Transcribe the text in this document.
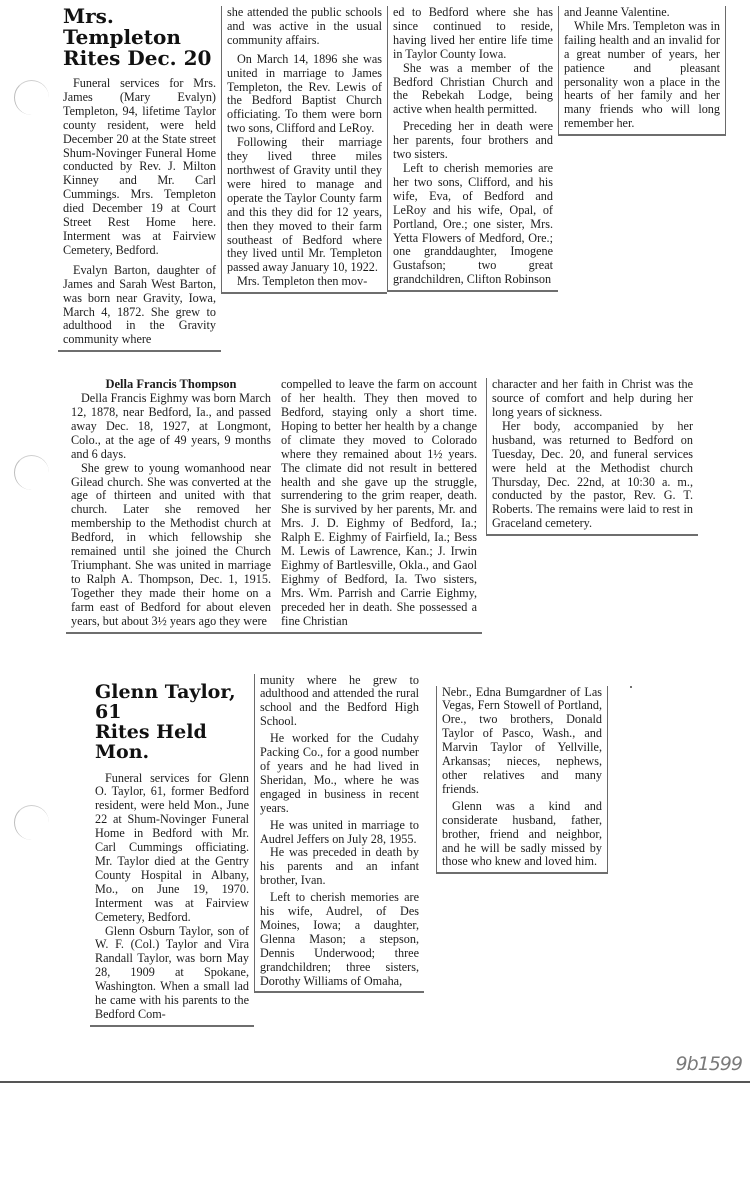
Mrs. Templeton
Rites Dec. 20

Funeral services for Mrs. James (Mary Evalyn) Templeton, 94, lifetime Taylor county resident, were held December 20 at the State street Shum-Novinger Funeral Home conducted by Rev. J. Milton Kinney and Mr. Carl Cummings. Mrs. Templeton died December 19 at Court Street Rest Home here. Interment was at Fairview Cemetery, Bedford.

Evalyn Barton, daughter of James and Sarah West Barton, was born near Gravity, Iowa, March 4, 1872. She grew to adulthood in the Gravity community where

she attended the public schools and was active in the usual community affairs.

On March 14, 1896 she was united in marriage to James Templeton, the Rev. Lewis of the Bedford Baptist Church officiating. To them were born two sons, Clifford and LeRoy.

Following their marriage they lived three miles northwest of Gravity until they were hired to manage and operate the Taylor County farm and this they did for 12 years, then they moved to their farm southeast of Bedford where they lived until Mr. Templeton passed away January 10, 1922.

Mrs. Templeton then mov-

ed to Bedford where she has since continued to reside, having lived her entire life time in Taylor County Iowa.

She was a member of the Bedford Christian Church and the Rebekah Lodge, being active when health permitted.

Preceding her in death were her parents, four brothers and two sisters.

Left to cherish memories are her two sons, Clifford, and his wife, Eva, of Bedford and LeRoy and his wife, Opal, of Portland, Ore.; one sister, Mrs. Yetta Flowers of Medford, Ore.; one granddaughter, Imogene Gustafson; two great grandchildren, Clifton Robinson

and Jeanne Valentine.

While Mrs. Templeton was in failing health and an invalid for a great number of years, her patience and pleasant personality won a place in the hearts of her family and her many friends who will long remember her.

Della Francis Thompson

Della Francis Eighmy was born March 12, 1878, near Bedford, Ia., and passed away Dec. 18, 1927, at Longmont, Colo., at the age of 49 years, 9 months and 6 days.

She grew to young womanhood near Gilead church. She was converted at the age of thirteen and united with that church. Later she removed her membership to the Methodist church at Bedford, in which fellowship she remained until she joined the Church Triumphant. She was united in marriage to Ralph A. Thompson, Dec. 1, 1915. Together they made their home on a farm east of Bedford for about eleven years, but about 3½ years ago they were

compelled to leave the farm on account of her health. They then moved to Bedford, staying only a short time. Hoping to better her health by a change of climate they moved to Colorado where they remained about 1½ years. The climate did not result in bettered health and she gave up the struggle, surrendering to the grim reaper, death. She is survived by her parents, Mr. and Mrs. J. D. Eighmy of Bedford, Ia.; Ralph E. Eighmy of Fairfield, Ia.; Bess M. Lewis of Lawrence, Kan.; J. Irwin Eighmy of Bartlesville, Okla., and Gaol Eighmy of Bedford, Ia. Two sisters, Mrs. Wm. Parrish and Carrie Eighmy, preceded her in death. She possessed a fine Christian

character and her faith in Christ was the source of comfort and help during her long years of sickness.

Her body, accompanied by her husband, was returned to Bedford on Tuesday, Dec. 20, and funeral services were held at the Methodist church Thursday, Dec. 22nd, at 10:30 a. m., conducted by the pastor, Rev. G. T. Roberts. The remains were laid to rest in Graceland cemetery.

Glenn Taylor, 61
Rites Held Mon.

Funeral services for Glenn O. Taylor, 61, former Bedford resident, were held Mon., June 22 at Shum-Novinger Funeral Home in Bedford with Mr. Carl Cummings officiating. Mr. Taylor died at the Gentry County Hospital in Albany, Mo., on June 19, 1970. Interment was at Fairview Cemetery, Bedford.

Glenn Osburn Taylor, son of W. F. (Col.) Taylor and Vira Randall Taylor, was born May 28, 1909 at Spokane, Washington. When a small lad he came with his parents to the Bedford Com-

munity where he grew to adulthood and attended the rural school and the Bedford High School.

He worked for the Cudahy Packing Co., for a good number of years and he had lived in Sheridan, Mo., where he was engaged in business in recent years.

He was united in marriage to Audrel Jeffers on July 28, 1955.

He was preceded in death by his parents and an infant brother, Ivan.

Left to cherish memories are his wife, Audrel, of Des Moines, Iowa; a daughter, Glenna Mason; a stepson, Dennis Underwood; three grandchildren; three sisters, Dorothy Williams of Omaha,

Nebr., Edna Bumgardner of Las Vegas, Fern Stowell of Portland, Ore., two brothers, Donald Taylor of Pasco, Wash., and Marvin Taylor of Yellville, Arkansas; nieces, nephews, other relatives and many friends.

Glenn was a kind and considerate husband, father, brother, friend and neighbor, and he will be sadly missed by those who knew and loved him.

9b1599
